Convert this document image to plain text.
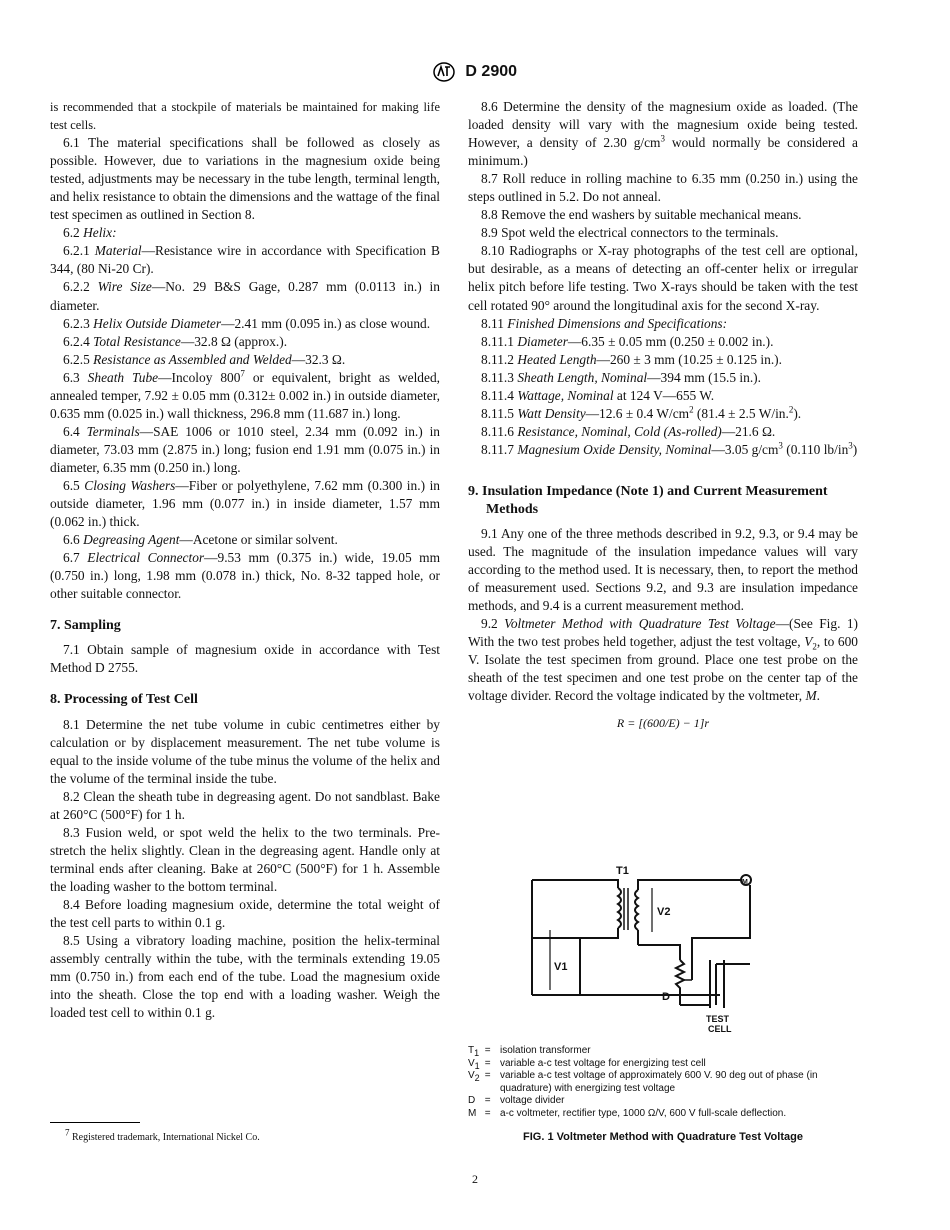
D 2900

is recommended that a stockpile of materials be maintained for making life test cells.

6.1 The material specifications shall be followed as closely as possible. However, due to variations in the magnesium oxide being tested, adjustments may be necessary in the tube length, terminal length, and helix resistance to obtain the dimensions and the wattage of the final test specimen as outlined in Section 8.

6.2 Helix:

6.2.1 Material—Resistance wire in accordance with Specification B 344, (80 Ni-20 Cr).

6.2.2 Wire Size—No. 29 B&S Gage, 0.287 mm (0.0113 in.) in diameter.

6.2.3 Helix Outside Diameter—2.41 mm (0.095 in.) as close wound.

6.2.4 Total Resistance—32.8 Ω (approx.).

6.2.5 Resistance as Assembled and Welded—32.3 Ω.

6.3 Sheath Tube—Incoloy $800^7$ or equivalent, bright as welded, annealed temper, 7.92 ± 0.05 mm (0.312± 0.002 in.) in outside diameter, 0.635 mm (0.025 in.) wall thickness, 296.8 mm (11.687 in.) long.

6.4 Terminals—SAE 1006 or 1010 steel, 2.34 mm (0.092 in.) in diameter, 73.03 mm (2.875 in.) long; fusion end 1.91 mm (0.075 in.) in diameter, 6.35 mm (0.250 in.) long.

6.5 Closing Washers—Fiber or polyethylene, 7.62 mm (0.300 in.) in outside diameter, 1.96 mm (0.077 in.) in inside diameter, 1.57 mm (0.062 in.) thick.

6.6 Degreasing Agent—Acetone or similar solvent.

6.7 Electrical Connector—9.53 mm (0.375 in.) wide, 19.05 mm (0.750 in.) long, 1.98 mm (0.078 in.) thick, No. 8-32 tapped hole, or other suitable connector.

7. Sampling

7.1 Obtain sample of magnesium oxide in accordance with Test Method D 2755.

8. Processing of Test Cell

8.1 Determine the net tube volume in cubic centimetres either by calculation or by displacement measurement. The net tube volume is equal to the inside volume of the tube minus the volume of the helix and the volume of the terminal inside the tube.

8.2 Clean the sheath tube in degreasing agent. Do not sandblast. Bake at 260°C (500°F) for 1 h.

8.3 Fusion weld, or spot weld the helix to the two terminals. Pre-stretch the helix slightly. Clean in the degreasing agent. Handle only at terminal ends after cleaning. Bake at 260°C (500°F) for 1 h. Assemble the loading washer to the bottom terminal.

8.4 Before loading magnesium oxide, determine the total weight of the test cell parts to within 0.1 g.

8.5 Using a vibratory loading machine, position the helix-terminal assembly centrally within the tube, with the terminals extending 19.05 mm (0.750 in.) from each end of the tube. Load the magnesium oxide into the sheath. Close the top end with a loading washer. Weigh the loaded test cell to within 0.1 g.

8.6 Determine the density of the magnesium oxide as loaded. (The loaded density will vary with the magnesium oxide being tested. However, a density of 2.30 $g/cm^3$ would normally be considered a minimum.)

8.7 Roll reduce in rolling machine to 6.35 mm (0.250 in.) using the steps outlined in 5.2. Do not anneal.

8.8 Remove the end washers by suitable mechanical means.

8.9 Spot weld the electrical connectors to the terminals.

8.10 Radiographs or X-ray photographs of the test cell are optional, but desirable, as a means of detecting an off-center helix or irregular helix pitch before life testing. Two X-rays should be taken with the test cell rotated 90° around the longitudinal axis for the second X-ray.

8.11 Finished Dimensions and Specifications:

8.11.1 Diameter—6.35 ± 0.05 mm (0.250 ± 0.002 in.).

8.11.2 Heated Length—260 ± 3 mm (10.25 ± 0.125 in.).

8.11.3 Sheath Length, Nominal—394 mm (15.5 in.).

8.11.4 Wattage, Nominal at 124 V—655 W.

8.11.5 Watt Density—12.6 ± 0.4 $W/cm^2$ (81.4 ± 2.5 W/in.$^2$).

8.11.6 Resistance, Nominal, Cold (As-rolled)—21.6 Ω.

8.11.7 Magnesium Oxide Density, Nominal—3.05 $g/cm^3$ (0.110 $lb/in^3$)

9. Insulation Impedance (Note 1) and Current Measurement Methods

9.1 Any one of the three methods described in 9.2, 9.3, or 9.4 may be used. The magnitude of the insulation impedance values will vary according to the method used. It is necessary, then, to report the method of measurement used. Sections 9.2, and 9.3 are insulation impedance methods, and 9.4 is a current measurement method.

9.2 Voltmeter Method with Quadrature Test Voltage—(See Fig. 1) With the two test probes held together, adjust the test voltage, $V_2$, to 600 V. Isolate the test specimen from ground. Place one test probe on the sheath of the test specimen and one test probe on the center tap of the voltage divider. Record the voltage indicated by the voltmeter, M.

R = [(600/E) − 1]r
T1
V2
V1
D
M
TEST
CELL
T1 = isolation transformer
V1 = variable a-c test voltage for energizing test cell
V2 = variable a-c test voltage of approximately 600 V. 90 deg out of phase (in quadrature) with energizing test voltage
D = voltage divider
M = a-c voltmeter, rectifier type, 1000 Ω/V, 600 V full-scale deflection.
FIG. 1 Voltmeter Method with Quadrature Test Voltage
7 Registered trademark, International Nickel Co.
2
